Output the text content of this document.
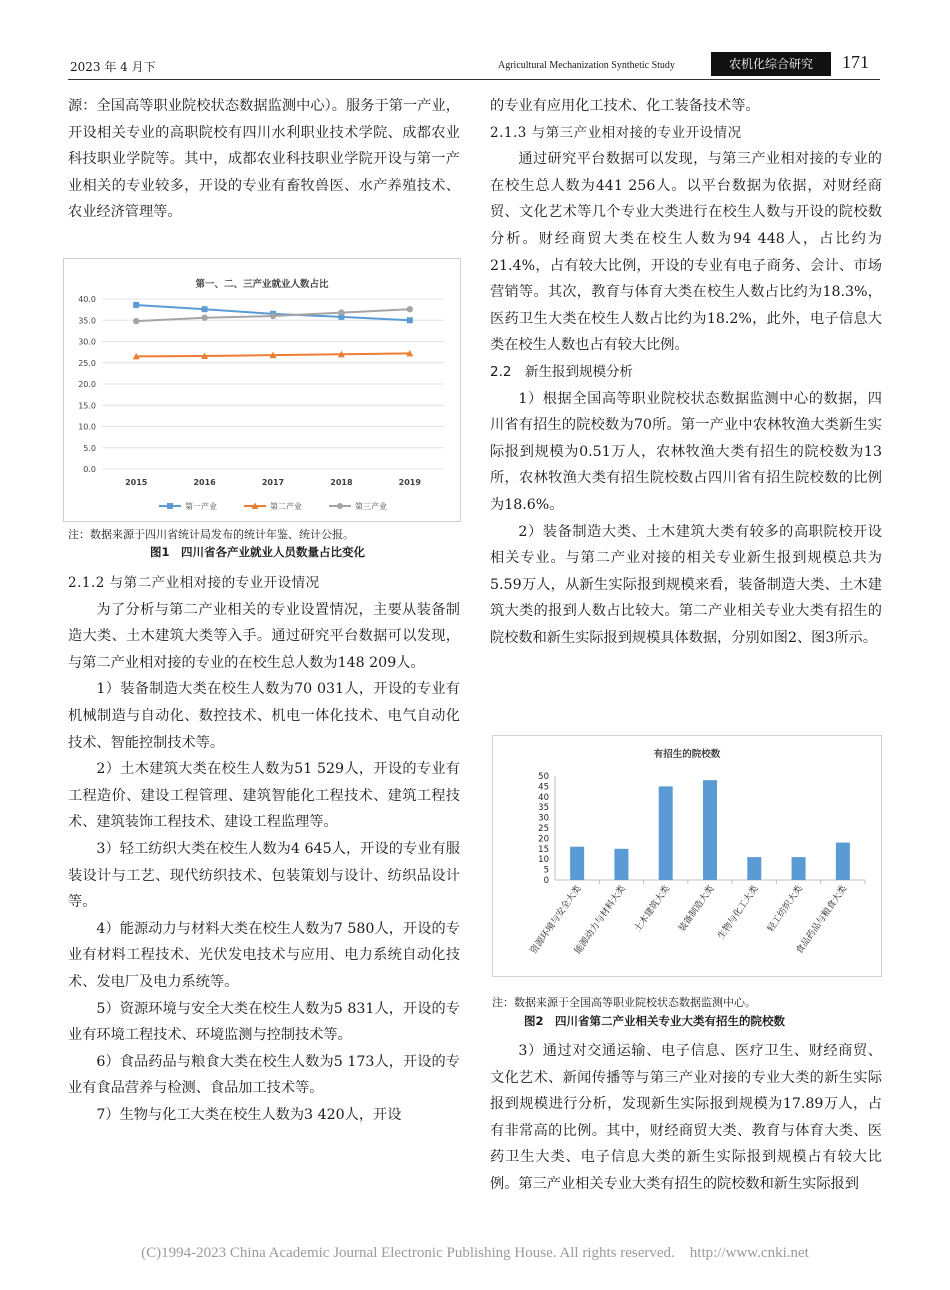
2023 年 4 月下	Agricultural Mechanization Synthetic Study	农机化综合研究	171

源：全国高等职业院校状态数据监测中心）。服务于第一产业，开设相关专业的高职院校有四川水利职业技术学院、成都农业科技职业学院等。其中，成都农业科技职业学院开设与第一产业相关的专业较多，开设的专业有畜牧兽医、水产养殖技术、农业经济管理等。

第一、二、三产业就业人数占比
0.0
5.0
10.0
15.0
20.0
25.0
30.0
35.0
40.0
2015	2016	2017	2018	2019
第一产业	第二产业	第三产业
注：数据来源于四川省统计局发布的统计年鉴、统计公报。
图1　四川省各产业就业人员数量占比变化

2.1.2 与第二产业相对接的专业开设情况

为了分析与第二产业相关的专业设置情况，主要从装备制造大类、土木建筑大类等入手。通过研究平台数据可以发现，与第二产业相对接的专业的在校生总人数为148 209人。

1）装备制造大类在校生人数为70 031人，开设的专业有机械制造与自动化、数控技术、机电一体化技术、电气自动化技术、智能控制技术等。

2）土木建筑大类在校生人数为51 529人，开设的专业有工程造价、建设工程管理、建筑智能化工程技术、建筑工程技术、建筑装饰工程技术、建设工程监理等。

3）轻工纺织大类在校生人数为4 645人，开设的专业有服装设计与工艺、现代纺织技术、包装策划与设计、纺织品设计等。

4）能源动力与材料大类在校生人数为7 580人，开设的专业有材料工程技术、光伏发电技术与应用、电力系统自动化技术、发电厂及电力系统等。

5）资源环境与安全大类在校生人数为5 831人，开设的专业有环境工程技术、环境监测与控制技术等。

6）食品药品与粮食大类在校生人数为5 173人，开设的专业有食品营养与检测、食品加工技术等。

7）生物与化工大类在校生人数为3 420人，开设

的专业有应用化工技术、化工装备技术等。

2.1.3 与第三产业相对接的专业开设情况

通过研究平台数据可以发现，与第三产业相对接的专业的在校生总人数为441 256人。以平台数据为依据，对财经商贸、文化艺术等几个专业大类进行在校生人数与开设的院校数分析。财经商贸大类在校生人数为94 448人，占比约为21.4%，占有较大比例，开设的专业有电子商务、会计、市场营销等。其次，教育与体育大类在校生人数占比约为18.3%，医药卫生大类在校生人数占比约为18.2%，此外，电子信息大类在校生人数也占有较大比例。

2.2　新生报到规模分析

1）根据全国高等职业院校状态数据监测中心的数据，四川省有招生的院校数为70所。第一产业中农林牧渔大类新生实际报到规模为0.51万人，农林牧渔大类有招生的院校数为13所，农林牧渔大类有招生院校数占四川省有招生院校数的比例为18.6%。

2）装备制造大类、土木建筑大类有较多的高职院校开设相关专业。与第二产业对接的相关专业新生报到规模总共为5.59万人，从新生实际报到规模来看，装备制造大类、土木建筑大类的报到人数占比较大。第二产业相关专业大类有招生的院校数和新生实际报到规模具体数据，分别如图2、图3所示。

有招生的院校数
0
5
10
15
20
25
30
35
40
45
50
资源环境与安全大类
能源动力与材料大类 土木建筑大类 装备制造大类 生物与化工大类 轻工纺织大类
食品药品与粮食大类
注：数据来源于全国高等职业院校状态数据监测中心。
图2　四川省第二产业相关专业大类有招生的院校数

3）通过对交通运输、电子信息、医疗卫生、财经商贸、文化艺术、新闻传播等与第三产业对接的专业大类的新生实际报到规模进行分析，发现新生实际报到规模为17.89万人，占有非常高的比例。其中，财经商贸大类、教育与体育大类、医药卫生大类、电子信息大类的新生实际报到规模占有较大比例。第三产业相关专业大类有招生的院校数和新生实际报到

(C)1994-2023 China Academic Journal Electronic Publishing House. All rights reserved.　http://www.cnki.net
